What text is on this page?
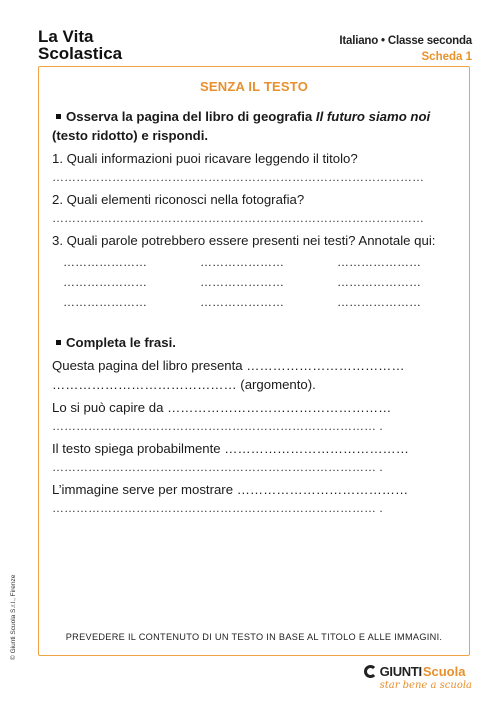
La Vita
Scolastica
Italiano • Classe seconda
Scheda 1
SENZA IL TESTO
Osserva la pagina del libro di geografia Il futuro siamo noi (testo ridotto) e rispondi.
1. Quali informazioni puoi ricavare leggendo il titolo?
…………………………………………………………………………………
2. Quali elementi riconosci nella fotografia?
…………………………………………………………………………………
3. Quali parole potrebbero essere presenti nei testi? Annotale qui:
…………………	…………………	…………………
…………………	…………………	…………………
…………………	…………………	…………………
Completa le frasi.
Questa pagina del libro presenta ………………………………
…………………………………… (argomento).
Lo si può capire da ……………………………………………
……………………………………………………………………… .
Il testo spiega probabilmente ……………………………………
……………………………………………………………………… .
L’immagine serve per mostrare …………………………………
……………………………………………………………………… .
PREVEDERE IL CONTENUTO DI UN TESTO IN BASE AL TITOLO E ALLE IMMAGINI.
© Giunti Scuola S.r.l., Firenze
GIUNTI Scuola
star bene a scuola
